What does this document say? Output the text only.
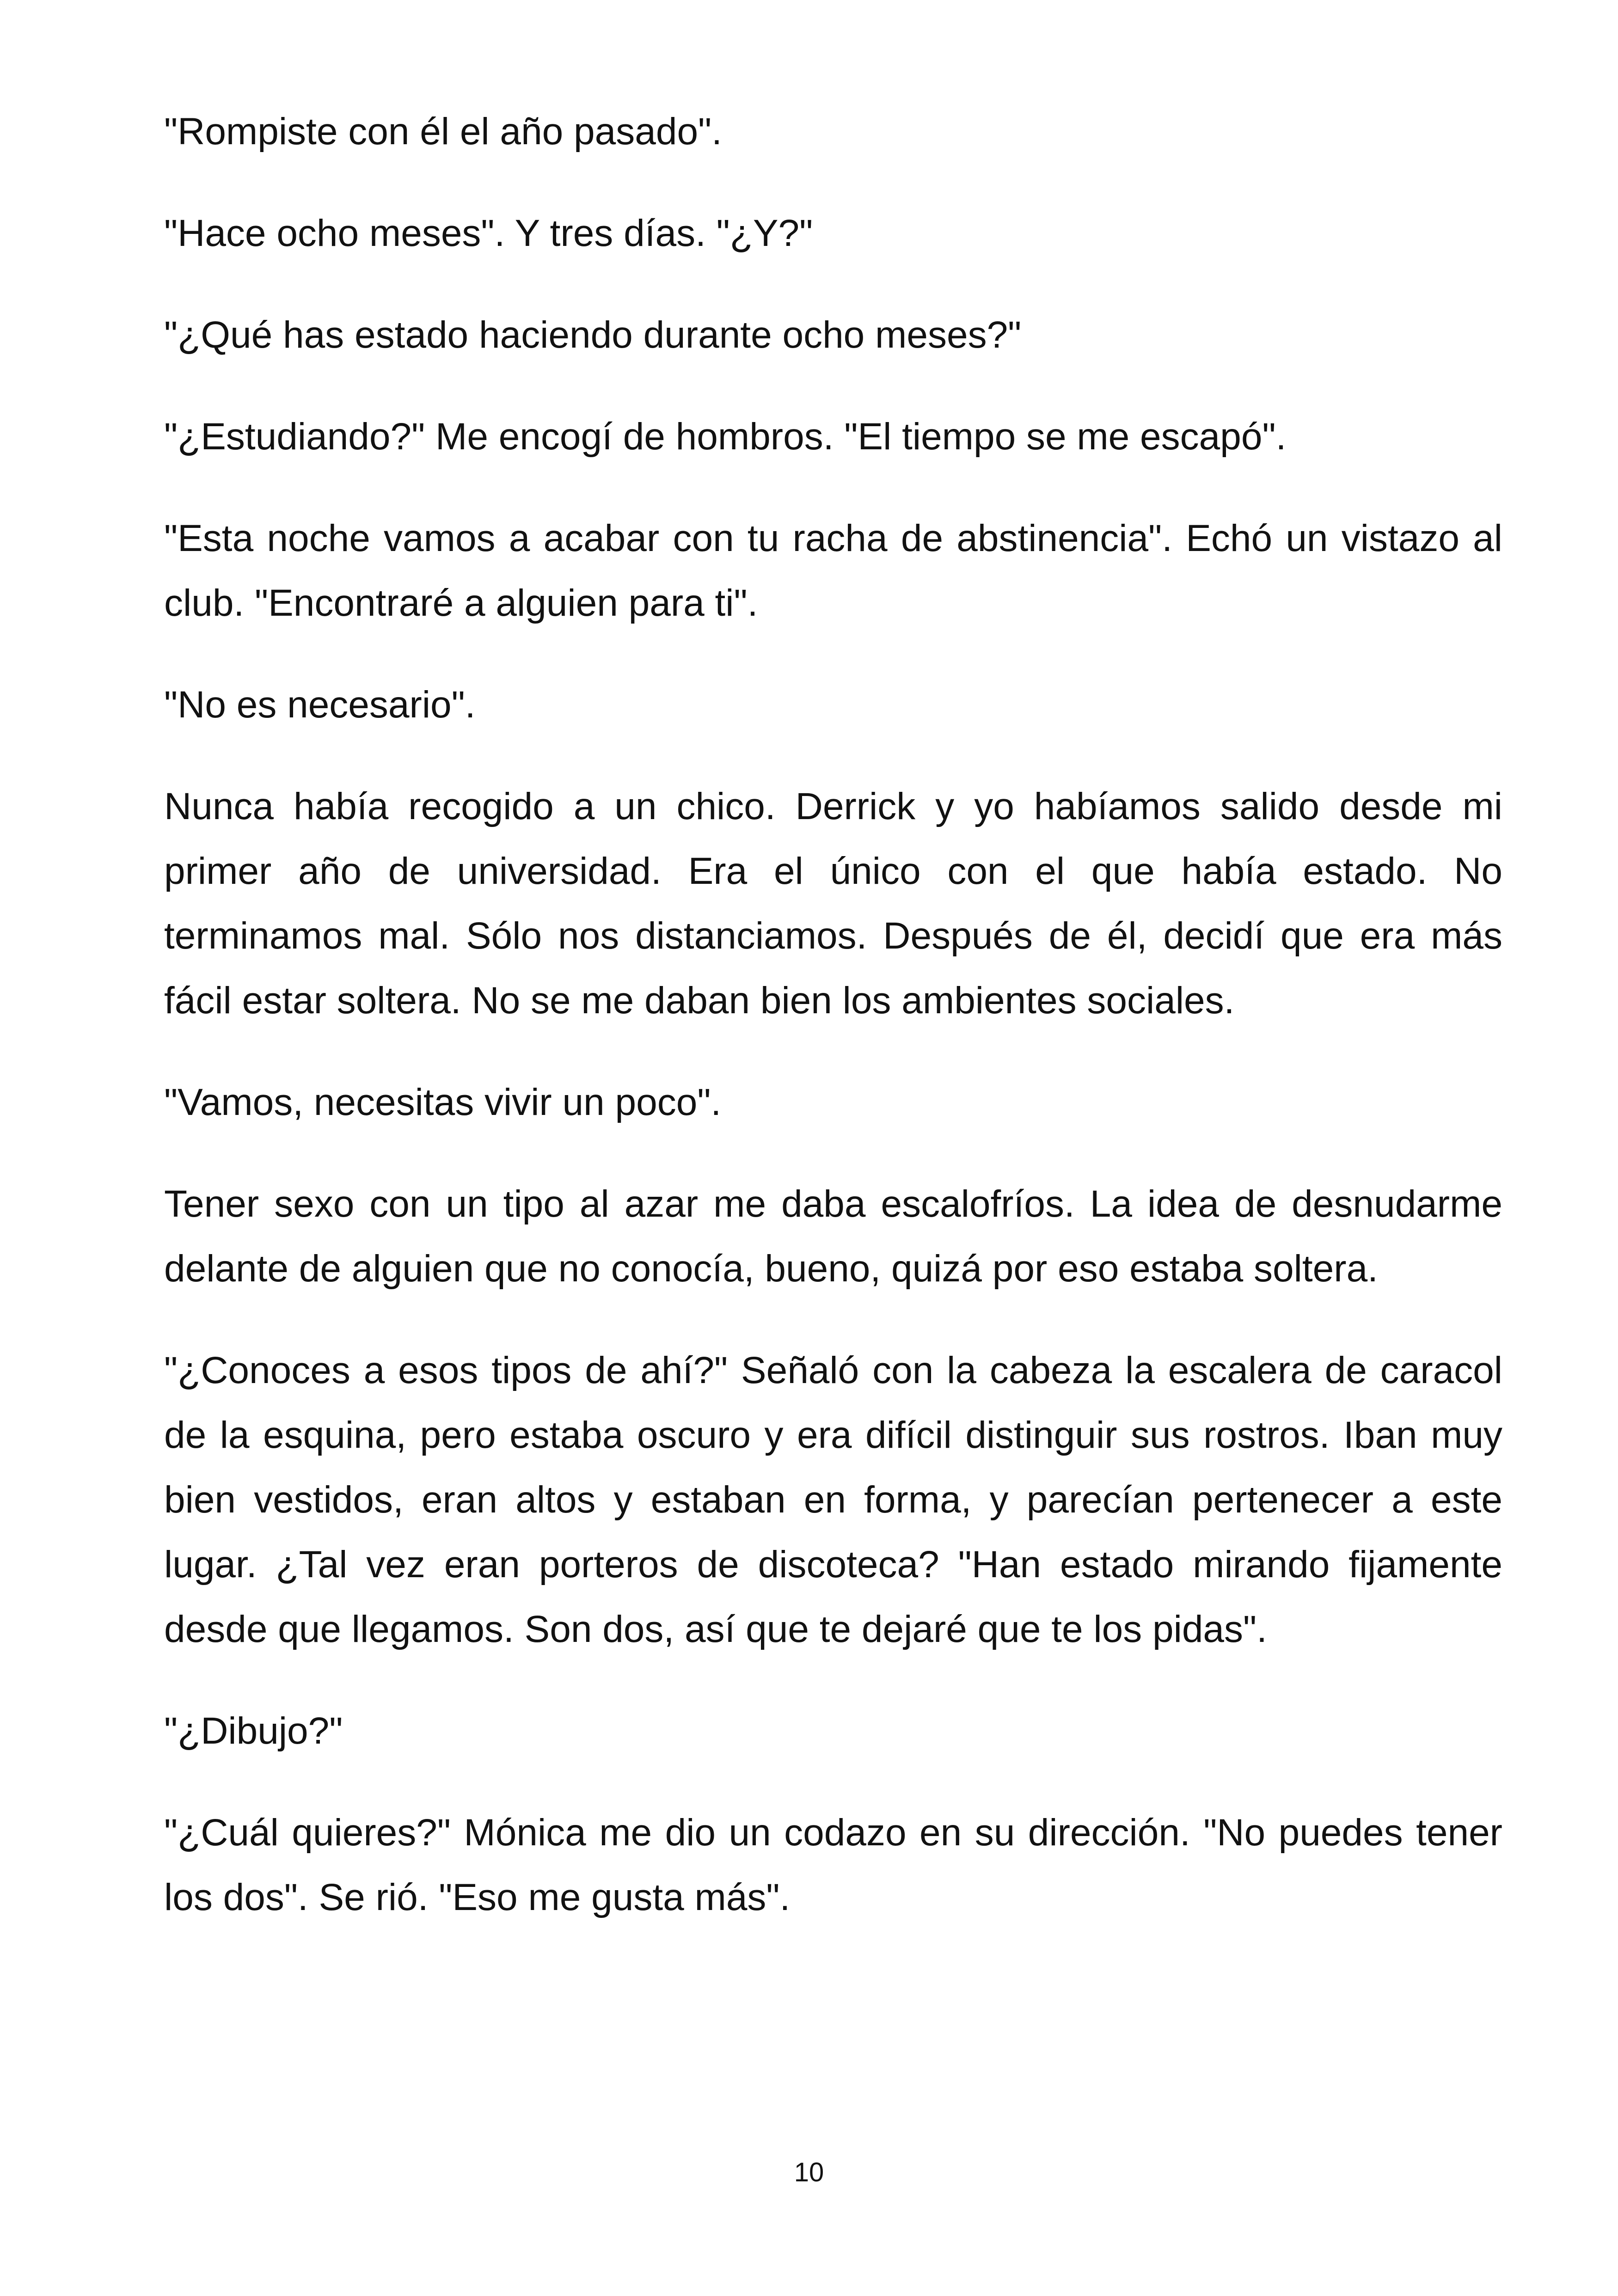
"Rompiste con él el año pasado".

"Hace ocho meses". Y tres días. "¿Y?"

"¿Qué has estado haciendo durante ocho meses?"

"¿Estudiando?" Me encogí de hombros. "El tiempo se me escapó".

"Esta noche vamos a acabar con tu racha de abstinencia". Echó un vistazo al club. "Encontraré a alguien para ti".

"No es necesario".

Nunca había recogido a un chico. Derrick y yo habíamos salido desde mi primer año de universidad. Era el único con el que había estado. No terminamos mal. Sólo nos distanciamos. Después de él, decidí que era más fácil estar soltera. No se me daban bien los ambientes sociales.

"Vamos, necesitas vivir un poco".

Tener sexo con un tipo al azar me daba escalofríos. La idea de desnudarme delante de alguien que no conocía, bueno, quizá por eso estaba soltera.

"¿Conoces a esos tipos de ahí?" Señaló con la cabeza la escalera de caracol de la esquina, pero estaba oscuro y era difícil distinguir sus rostros. Iban muy bien vestidos, eran altos y estaban en forma, y parecían pertenecer a este lugar. ¿Tal vez eran porteros de discoteca? "Han estado mirando fijamente desde que llegamos. Son dos, así que te dejaré que te los pidas".

"¿Dibujo?"

"¿Cuál quieres?" Mónica me dio un codazo en su dirección. "No puedes tener los dos". Se rió. "Eso me gusta más".

10
